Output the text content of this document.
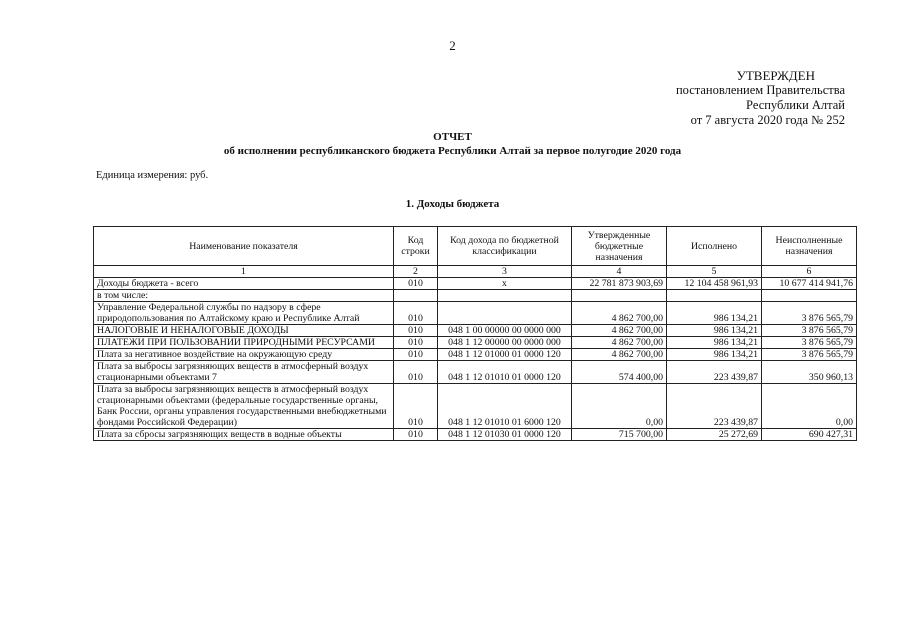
2
УТВЕРЖДЕН
постановлением Правительства
Республики Алтай
от 7 августа 2020 года № 252
ОТЧЕТ
об исполнении республиканского бюджета Республики Алтай за первое полугодие 2020 года
Единица измерения: руб.
1. Доходы бюджета
Наименование показателя	Код строки	Код дохода по бюджетной классификации	Утвержденные бюджетные назначения	Исполнено	Неисполненные назначения
1	2	3	4	5	6
Доходы бюджета - всего	010	x	22 781 873 903,69	12 104 458 961,93	10 677 414 941,76
в том числе:					
Управление Федеральной службы по надзору в сфере природопользования по Алтайскому краю и Республике Алтай	010		4 862 700,00	986 134,21	3 876 565,79
НАЛОГОВЫЕ И НЕНАЛОГОВЫЕ ДОХОДЫ	010	048 1 00 00000 00 0000 000	4 862 700,00	986 134,21	3 876 565,79
ПЛАТЕЖИ ПРИ ПОЛЬЗОВАНИИ ПРИРОДНЫМИ РЕСУРСАМИ	010	048 1 12 00000 00 0000 000	4 862 700,00	986 134,21	3 876 565,79
Плата за негативное воздействие на окружающую среду	010	048 1 12 01000 01 0000 120	4 862 700,00	986 134,21	3 876 565,79
Плата за выбросы загрязняющих веществ в атмосферный воздух стационарными объектами 7	010	048 1 12 01010 01 0000 120	574 400,00	223 439,87	350 960,13
Плата за выбросы загрязняющих веществ в атмосферный воздух стационарными объектами (федеральные государственные органы, Банк России, органы управления государственными внебюджетными фондами Российской Федерации)	010	048 1 12 01010 01 6000 120	0,00	223 439,87	0,00
Плата за сбросы загрязняющих веществ в водные объекты	010	048 1 12 01030 01 0000 120	715 700,00	25 272,69	690 427,31
